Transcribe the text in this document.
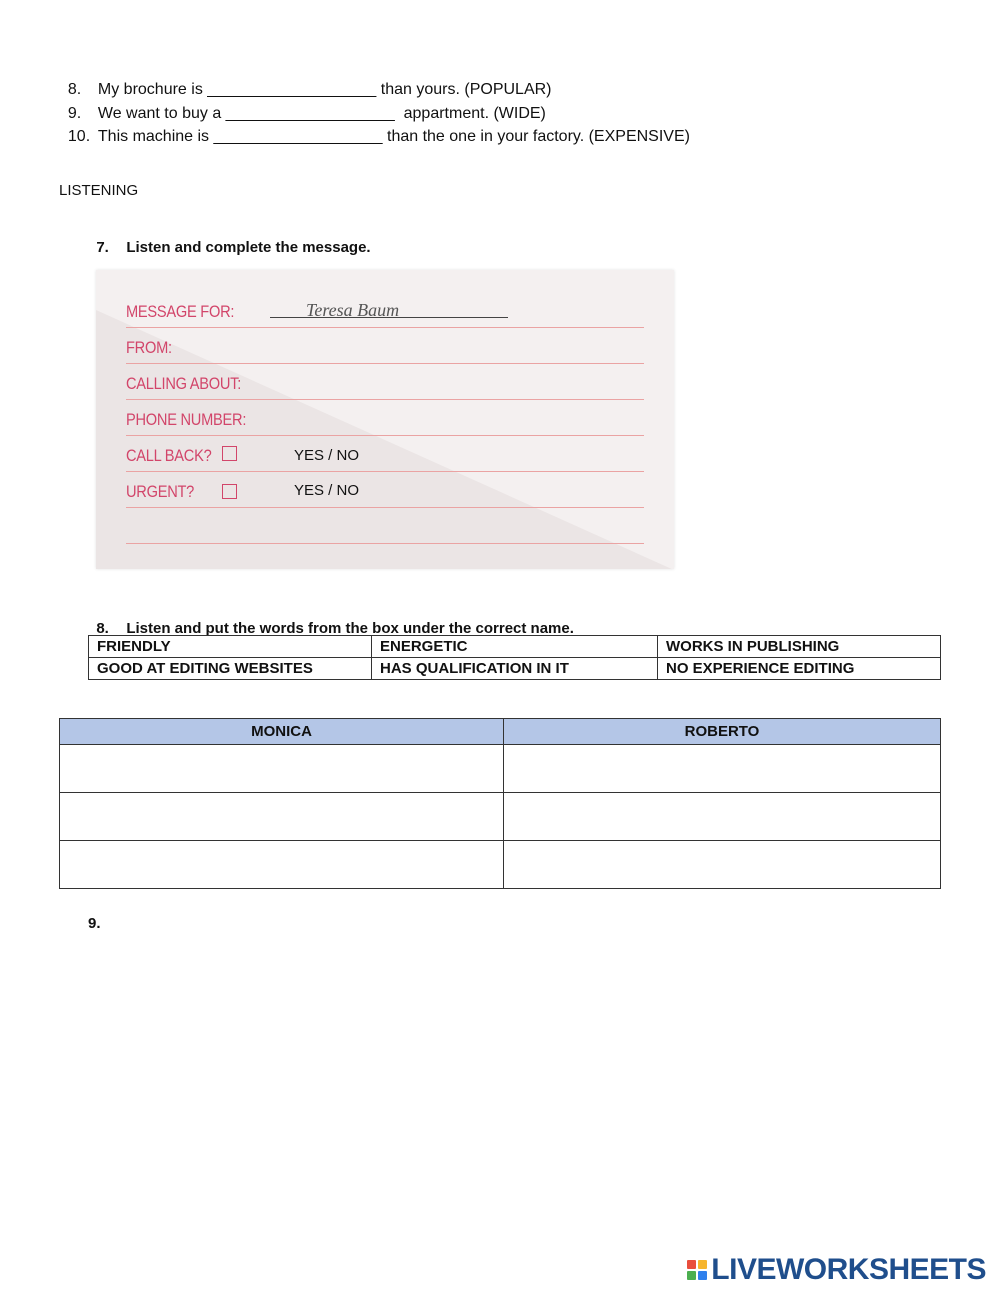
8. My brochure is ___________________ than yours. (POPULAR)

9. We want to buy a ___________________  appartment. (WIDE)

10. This machine is ___________________ than the one in your factory. (EXPENSIVE)

LISTENING

7. Listen and complete the message.

MESSAGE FOR:	Teresa Baum
FROM:
CALLING ABOUT:
PHONE NUMBER:
CALL BACK?	YES / NO
URGENT?	YES / NO

8. Listen and put the words from the box under the correct name.

FRIENDLY	ENERGETIC	WORKS IN PUBLISHING
GOOD AT EDITING WEBSITES	HAS QUALIFICATION IN IT	NO EXPERIENCE EDITING
MONICA	ROBERTO

9.
LIVEWORKSHEETS
